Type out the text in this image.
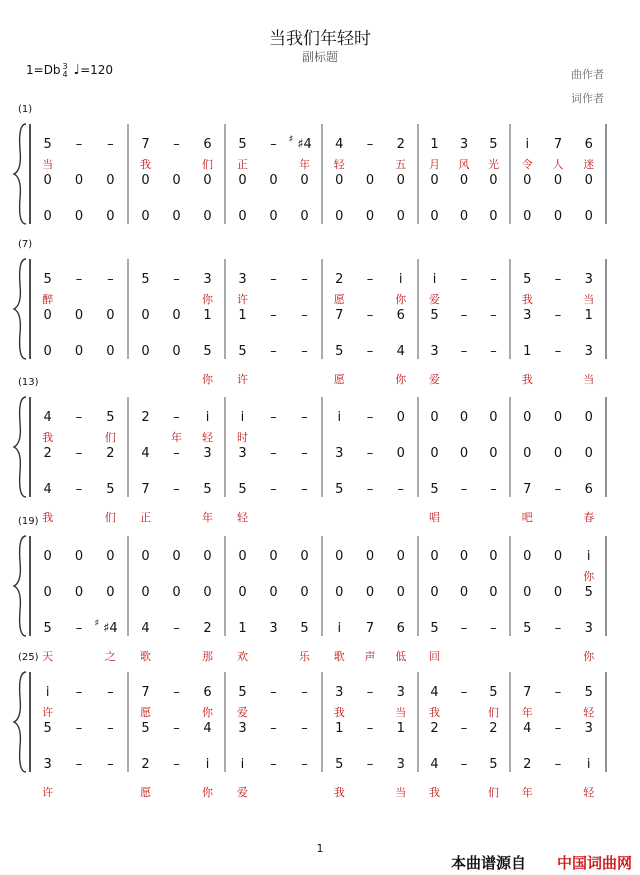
当我们年轻时
副标题
1=Db 3
4 ♩=120	曲作者
词作者
(1)
5	–	–	7	–	6	5	–	♯ ♯4	4	–	2	1	3	5	i	7	6
0	0	0	0	0	0	0	0	0	0	0	0	0	0	0	0	0	0
0	0	0	0	0	0	0	0	0	0	0	0	0	0	0	0	0	0
当	我	们	正	年	轻	五	月	风	光	令	人	迷
(7)
5	–	–	5	–	3	3	–	–	2	–	i	i	–	–	5	–	3
0	0	0	0	0	1	1	–	–	7	–	6	5	–	–	3	–	1
0	0	0	0	0	5	5	–	–	5	–	4	3	–	–	1	–	3
醉	你	许	愿	你	爱	我	当
你	许	愿	你	爱	我	当
(13)
4	–	5	2	–	i	i	–	–	i	–	0	0	0	0	0	0	0
2	–	2	4	–	3	3	–	–	3	–	0	0	0	0	0	0	0
4	–	5	7	–	5	5	–	–	5	–	–	5	–	–	7	–	6
我	们	年	轻	时
我	们	正	年	轻	唱	吧	春
(19)
0	0	0	0	0	0	0	0	0	0	0	0	0	0	0	0	0	i
0	0	0	0	0	0	0	0	0	0	0	0	0	0	0	0	0	5
5	–	♯ ♯4	4	–	2	1	3	5	i	7	6	5	–	–	5	–	3
你
天	之	歌	那	欢	乐	歌	声	低	回	你
(25)
i	–	–	7	–	6	5	–	–	3	–	3	4	–	5	7	–	5
5	–	–	5	–	4	3	–	–	1	–	1	2	–	2	4	–	3
3	–	–	2	–	i	i	–	–	5	–	3	4	–	5	2	–	i
许	愿	你	爱	我	当	我	们	年	轻
许	愿	你	爱	我	当	我	们	年	轻
1
本曲谱源自 中国词曲网
